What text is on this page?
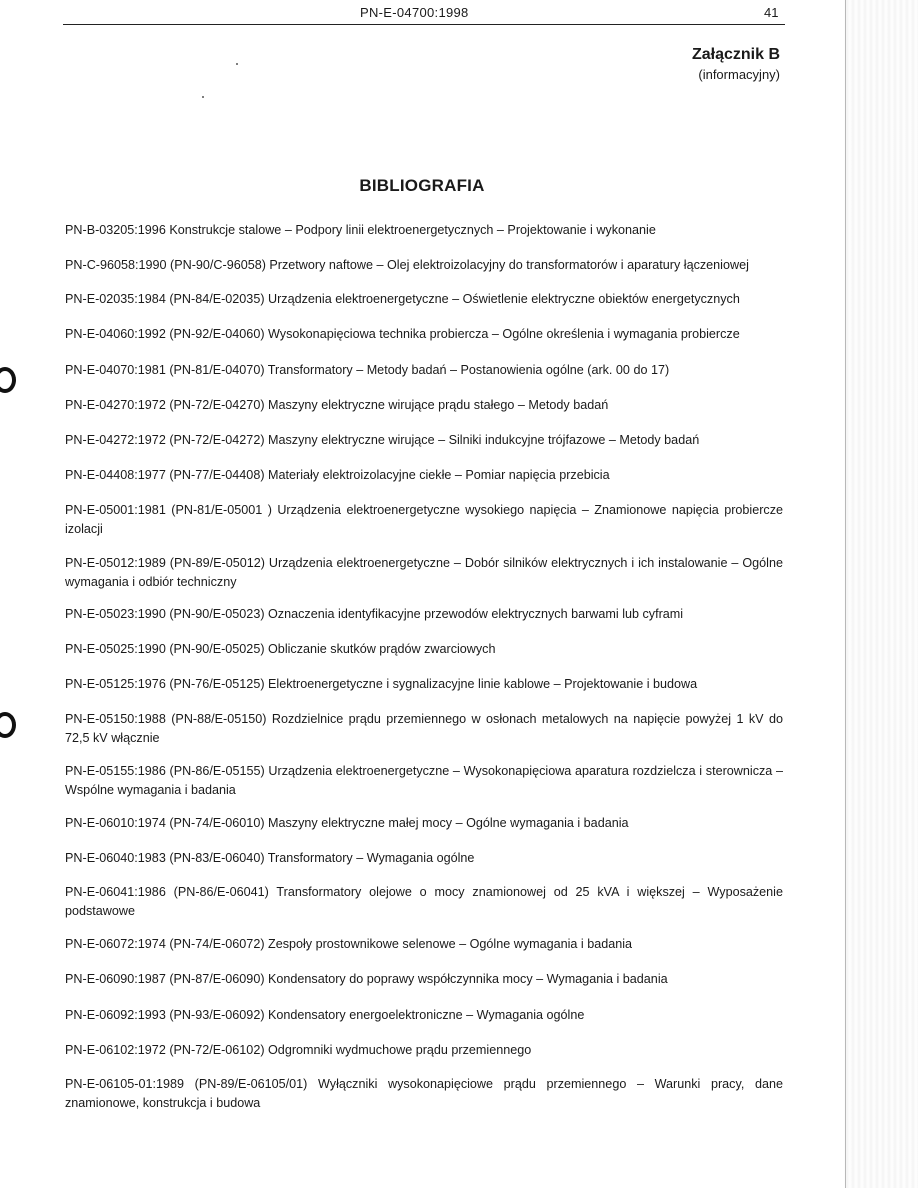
PN-E-04700:1998	41
Załącznik B
(informacyjny)
BIBLIOGRAFIA
PN-B-03205:1996 Konstrukcje stalowe – Podpory linii elektroenergetycznych – Projektowanie i wykonanie
PN-C-96058:1990 (PN-90/C-96058) Przetwory naftowe – Olej elektroizolacyjny do transformatorów i aparatury łączeniowej
PN-E-02035:1984 (PN-84/E-02035) Urządzenia elektroenergetyczne – Oświetlenie elektryczne obiektów energetycznych
PN-E-04060:1992 (PN-92/E-04060) Wysokonapięciowa technika probiercza – Ogólne określenia i wymagania probiercze
PN-E-04070:1981 (PN-81/E-04070) Transformatory – Metody badań – Postanowienia ogólne (ark. 00 do 17)
PN-E-04270:1972 (PN-72/E-04270) Maszyny elektryczne wirujące prądu stałego – Metody badań
PN-E-04272:1972 (PN-72/E-04272) Maszyny elektryczne wirujące – Silniki indukcyjne trójfazowe – Metody badań
PN-E-04408:1977 (PN-77/E-04408) Materiały elektroizolacyjne ciekłe – Pomiar napięcia przebicia
PN-E-05001:1981 (PN-81/E-05001 ) Urządzenia elektroenergetyczne wysokiego napięcia – Znamionowe napięcia probiercze izolacji
PN-E-05012:1989 (PN-89/E-05012) Urządzenia elektroenergetyczne – Dobór silników elektrycznych i ich instalowanie – Ogólne wymagania i odbiór techniczny
PN-E-05023:1990 (PN-90/E-05023) Oznaczenia identyfikacyjne przewodów elektrycznych barwami lub cyframi
PN-E-05025:1990 (PN-90/E-05025) Obliczanie skutków prądów zwarciowych
PN-E-05125:1976 (PN-76/E-05125) Elektroenergetyczne i sygnalizacyjne linie kablowe – Projektowanie i budowa
PN-E-05150:1988 (PN-88/E-05150) Rozdzielnice prądu przemiennego w osłonach metalowych na napięcie powyżej 1 kV do 72,5 kV włącznie
PN-E-05155:1986 (PN-86/E-05155) Urządzenia elektroenergetyczne – Wysokonapięciowa aparatura rozdzielcza i sterownicza – Wspólne wymagania i badania
PN-E-06010:1974 (PN-74/E-06010) Maszyny elektryczne małej mocy – Ogólne wymagania i badania
PN-E-06040:1983 (PN-83/E-06040) Transformatory – Wymagania ogólne
PN-E-06041:1986 (PN-86/E-06041) Transformatory olejowe o mocy znamionowej od 25 kVA i większej – Wyposażenie podstawowe
PN-E-06072:1974 (PN-74/E-06072) Zespoły prostownikowe selenowe – Ogólne wymagania i badania
PN-E-06090:1987 (PN-87/E-06090) Kondensatory do poprawy współczynnika mocy – Wymagania i badania
PN-E-06092:1993 (PN-93/E-06092) Kondensatory energoelektroniczne – Wymagania ogólne
PN-E-06102:1972 (PN-72/E-06102) Odgromniki wydmuchowe prądu przemiennego
PN-E-06105-01:1989 (PN-89/E-06105/01) Wyłączniki wysokonapięciowe prądu przemiennego – Warunki pracy, dane znamionowe, konstrukcja i budowa
